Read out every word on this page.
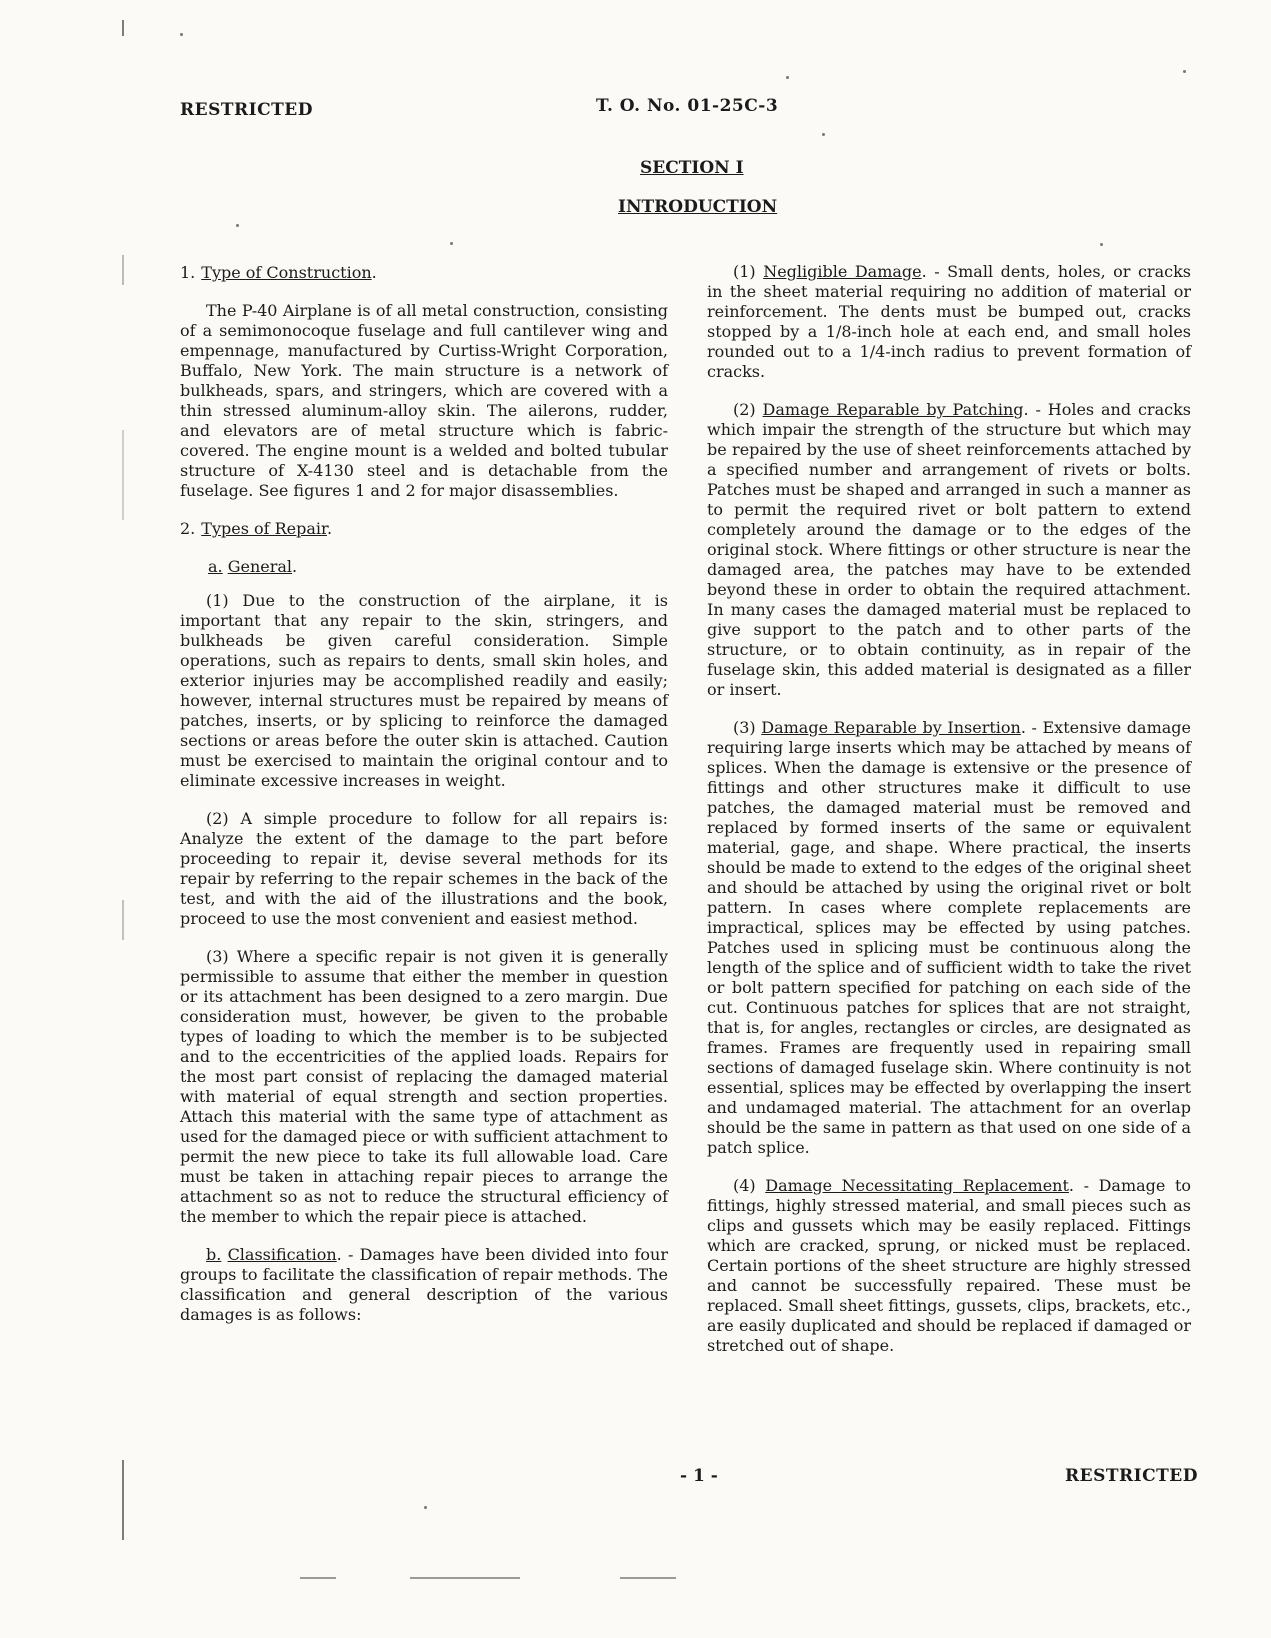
RESTRICTED	T. O. No. 01-25C-3
SECTION I
INTRODUCTION
1. Type of Construction.

The P-40 Airplane is of all metal construction, consisting of a semimonocoque fuselage and full cantilever wing and empennage, manufactured by Curtiss-Wright Corporation, Buffalo, New York. The main structure is a network of bulkheads, spars, and stringers, which are covered with a thin stressed aluminum-alloy skin. The ailerons, rudder, and elevators are of metal structure which is fabric-covered. The engine mount is a welded and bolted tubular structure of X-4130 steel and is detachable from the fuselage. See figures 1 and 2 for major disassemblies.

2. Types of Repair.
a. General.

(1) Due to the construction of the airplane, it is important that any repair to the skin, stringers, and bulkheads be given careful consideration. Simple operations, such as repairs to dents, small skin holes, and exterior injuries may be accomplished readily and easily; however, internal structures must be repaired by means of patches, inserts, or by splicing to reinforce the damaged sections or areas before the outer skin is attached. Caution must be exercised to maintain the original contour and to eliminate excessive increases in weight.

(2) A simple procedure to follow for all repairs is: Analyze the extent of the damage to the part before proceeding to repair it, devise several methods for its repair by referring to the repair schemes in the back of the test, and with the aid of the illustrations and the book, proceed to use the most convenient and easiest method.

(3) Where a specific repair is not given it is generally permissible to assume that either the member in question or its attachment has been designed to a zero margin. Due consideration must, however, be given to the probable types of loading to which the member is to be subjected and to the eccentricities of the applied loads. Repairs for the most part consist of replacing the damaged material with material of equal strength and section properties. Attach this material with the same type of attachment as used for the damaged piece or with sufficient attachment to permit the new piece to take its full allowable load. Care must be taken in attaching repair pieces to arrange the attachment so as not to reduce the structural efficiency of the member to which the repair piece is attached.

b. Classification. - Damages have been divided into four groups to facilitate the classification of repair methods. The classification and general description of the various damages is as follows:

(1) Negligible Damage. - Small dents, holes, or cracks in the sheet material requiring no addition of material or reinforcement. The dents must be bumped out, cracks stopped by a 1/8-inch hole at each end, and small holes rounded out to a 1/4-inch radius to prevent formation of cracks.

(2) Damage Reparable by Patching. - Holes and cracks which impair the strength of the structure but which may be repaired by the use of sheet reinforcements attached by a specified number and arrangement of rivets or bolts. Patches must be shaped and arranged in such a manner as to permit the required rivet or bolt pattern to extend completely around the damage or to the edges of the original stock. Where fittings or other structure is near the damaged area, the patches may have to be extended beyond these in order to obtain the required attachment. In many cases the damaged material must be replaced to give support to the patch and to other parts of the structure, or to obtain continuity, as in repair of the fuselage skin, this added material is designated as a filler or insert.

(3) Damage Reparable by Insertion. - Extensive damage requiring large inserts which may be attached by means of splices. When the damage is extensive or the presence of fittings and other structures make it difficult to use patches, the damaged material must be removed and replaced by formed inserts of the same or equivalent material, gage, and shape. Where practical, the inserts should be made to extend to the edges of the original sheet and should be attached by using the original rivet or bolt pattern. In cases where complete replacements are impractical, splices may be effected by using patches. Patches used in splicing must be continuous along the length of the splice and of sufficient width to take the rivet or bolt pattern specified for patching on each side of the cut. Continuous patches for splices that are not straight, that is, for angles, rectangles or circles, are designated as frames. Frames are frequently used in repairing small sections of damaged fuselage skin. Where continuity is not essential, splices may be effected by overlapping the insert and undamaged material. The attachment for an overlap should be the same in pattern as that used on one side of a patch splice.

(4) Damage Necessitating Replacement. - Damage to fittings, highly stressed material, and small pieces such as clips and gussets which may be easily replaced. Fittings which are cracked, sprung, or nicked must be replaced. Certain portions of the sheet structure are highly stressed and cannot be successfully repaired. These must be replaced. Small sheet fittings, gussets, clips, brackets, etc., are easily duplicated and should be replaced if damaged or stretched out of shape.

- 1 -	RESTRICTED
